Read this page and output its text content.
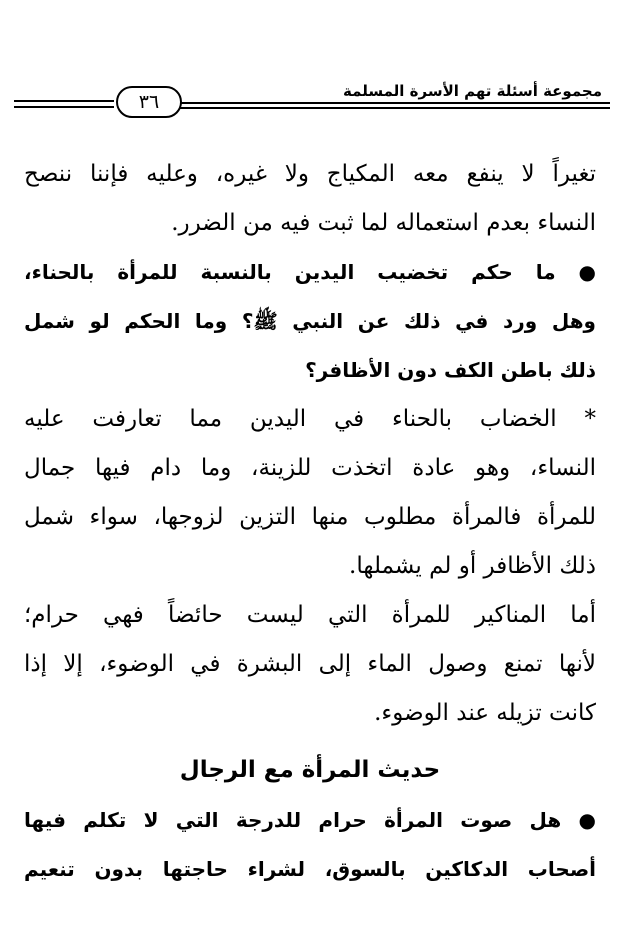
مجموعة أسئلة تهم الأسرة المسلمة
٣٦
تغيراً لا ينفع معه المكياج ولا غيره، وعليه فإننا ننصح
النساء بعدم استعماله لما ثبت فيه من الضرر.
● ما حكم تخضيب اليدين بالنسبة للمرأة بالحناء،
وهل ورد في ذلك عن النبي ﷺ؟ وما الحكم لو شمل
ذلك باطن الكف دون الأظافر؟
* الخضاب بالحناء في اليدين مما تعارفت عليه
النساء، وهو عادة اتخذت للزينة، وما دام فيها جمال
للمرأة فالمرأة مطلوب منها التزين لزوجها، سواء شمل
ذلك الأظافر أو لم يشملها.
أما المناكير للمرأة التي ليست حائضاً فهي حرام؛
لأنها تمنع وصول الماء إلى البشرة في الوضوء، إلا إذا
كانت تزيله عند الوضوء.
حديث المرأة مع الرجال
● هل صوت المرأة حرام للدرجة التي لا تكلم فيها
أصحاب الدكاكين بالسوق، لشراء حاجتها بدون تنعيم
